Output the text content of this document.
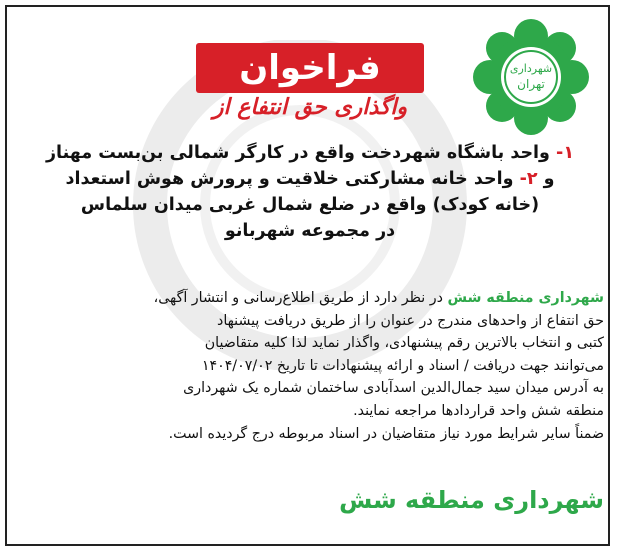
شهرداری
تهران
فراخوان
واگذاری حق انتفاع از
۱- واحد باشگاه شهردخت واقع در کارگر شمالی بن‌بست مهناز
و ۲- واحد خانه مشارکتی خلاقیت و پرورش هوش استعداد
(خانه کودک) واقع در ضلع شمال غربی میدان سلماس
در مجموعه شهربانو
شهرداری منطقه شش در نظر دارد از طریق اطلاع‌رسانی و انتشار آگهی،
حق انتفاع از واحدهای مندرج در عنوان را از طریق دریافت پیشنهاد
کتبی و انتخاب بالاترین رقم پیشنهادی، واگذار نماید لذا کلیه متقاضیان
می‌توانند جهت دریافت / اسناد و ارائه پیشنهادات تا تاریخ ۱۴۰۴/۰۷/۰۲
به آدرس میدان سید جمال‌الدین اسدآبادی ساختمان شماره یک شهرداری
منطقه شش واحد قراردادها مراجعه نمایند.
ضمناً سایر شرایط مورد نیاز متقاضیان در اسناد مربوطه درج گردیده است.
شهرداری منطقه شش
